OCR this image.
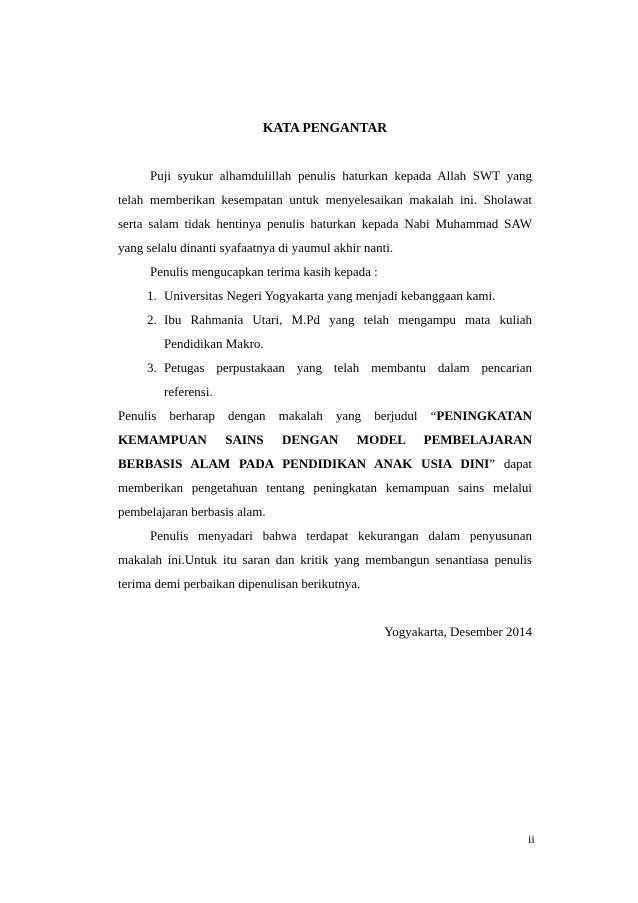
KATA PENGANTAR

Puji syukur alhamdulillah penulis haturkan kepada Allah SWT yang telah memberikan kesempatan untuk menyelesaikan makalah ini. Sholawat serta salam tidak hentinya penulis haturkan kepada Nabi Muhammad SAW yang selalu dinanti syafaatnya di yaumul akhir nanti.

Penulis mengucapkan terima kasih kepada :

1. Universitas Negeri Yogyakarta yang menjadi kebanggaan kami.
2. Ibu Rahmania Utari, M.Pd yang telah mengampu mata kuliah Pendidikan Makro.
3. Petugas perpustakaan yang telah membantu dalam pencarian referensi.

Penulis berharap dengan makalah yang berjudul “PENINGKATAN KEMAMPUAN SAINS DENGAN MODEL PEMBELAJARAN BERBASIS ALAM PADA PENDIDIKAN ANAK USIA DINI” dapat memberikan pengetahuan tentang peningkatan kemampuan sains melalui pembelajaran berbasis alam.

Penulis menyadari bahwa terdapat kekurangan dalam penyusunan makalah ini.Untuk itu saran dan kritik yang membangun senantiasa penulis terima demi perbaikan dipenulisan berikutnya.

Yogyakarta, Desember 2014
ii
